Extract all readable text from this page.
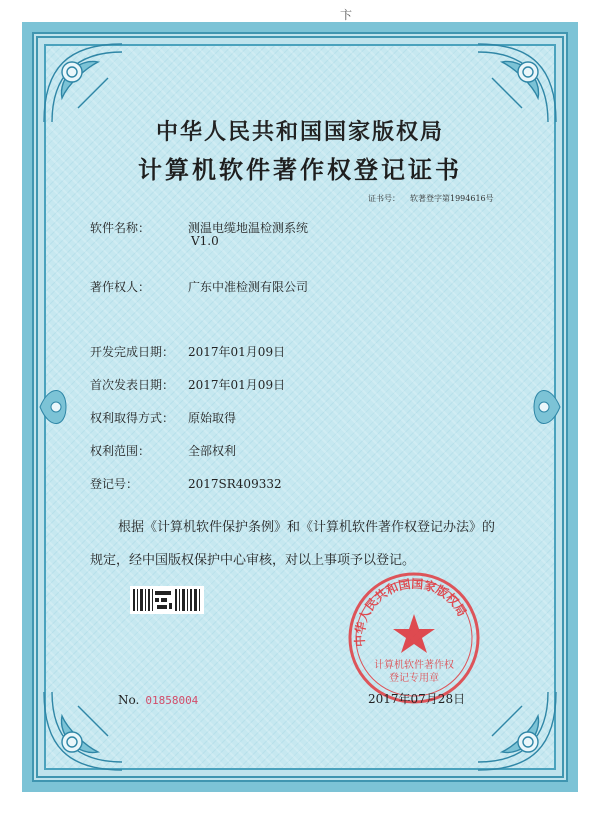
卞
中华人民共和国国家版权局
计算机软件著作权登记证书
证书号： 软著登字第1994616号
软件名称：	测温电缆地温检测系统
V1.0
著作权人：	广东中准检测有限公司
开发完成日期： 2017年01月09日
首次发表日期： 2017年01月09日
权利取得方式： 原始取得
权利范围：	全部权利
登记号：	2017SR409332
根据《计算机软件保护条例》和《计算机软件著作权登记办法》的
规定，经中国版权保护中心审核，对以上事项予以登记。
中华人民共和国国家版权局
计算机软件著作权
登记专用章
2017年07月28日
No. 01858004
